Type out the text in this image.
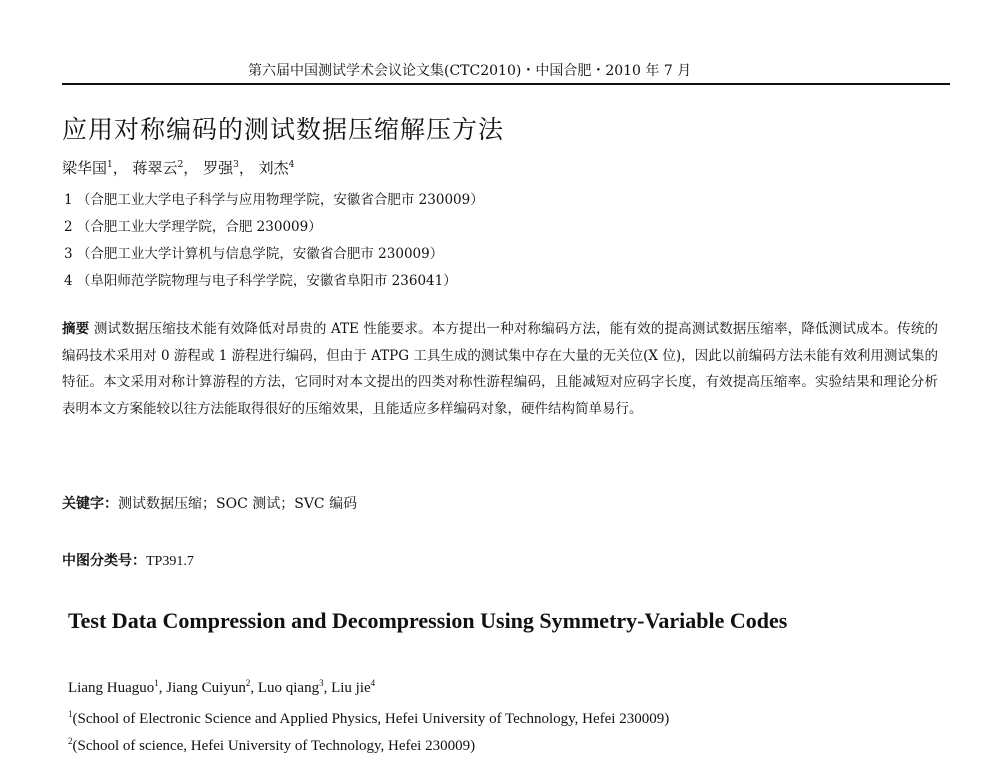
第六届中国测试学术会议论文集(CTC2010)・中国合肥・2010 年 7 月
应用对称编码的测试数据压缩解压方法
梁华国$^1$， 蒋翠云$^2$， 罗强$^3$， 刘杰$^4$
1 （合肥工业大学电子科学与应用物理学院，安徽省合肥市 230009）
2 （合肥工业大学理学院，合肥 230009）
3 （合肥工业大学计算机与信息学院，安徽省合肥市 230009）
4 （阜阳师范学院物理与电子科学学院，安徽省阜阳市 236041）
摘要 测试数据压缩技术能有效降低对昂贵的 ATE 性能要求。本方提出一种对称编码方法，能有效的提高测试数据压缩率，降低测试成本。传统的编码技术采用对 0 游程或 1 游程进行编码，但由于 ATPG 工具生成的测试集中存在大量的无关位(X 位)，因此以前编码方法未能有效利用测试集的特征。本文采用对称计算游程的方法，它同时对本文提出的四类对称性游程编码，且能减短对应码字长度，有效提高压缩率。实验结果和理论分析表明本文方案能较以往方法能取得很好的压缩效果，且能适应多样编码对象，硬件结构简单易行。
关键字：测试数据压缩；SOC 测试；SVC 编码
中图分类号：TP391.7
Test Data Compression and Decompression Using Symmetry-Variable Codes
Liang Huaguo$^1$, Jiang Cuiyun$^2$, Luo qiang$^3$, Liu jie$^4$
$^1$(School of Electronic Science and Applied Physics, Hefei University of Technology, Hefei 230009)
$^2$(School of science, Hefei University of Technology, Hefei 230009)
